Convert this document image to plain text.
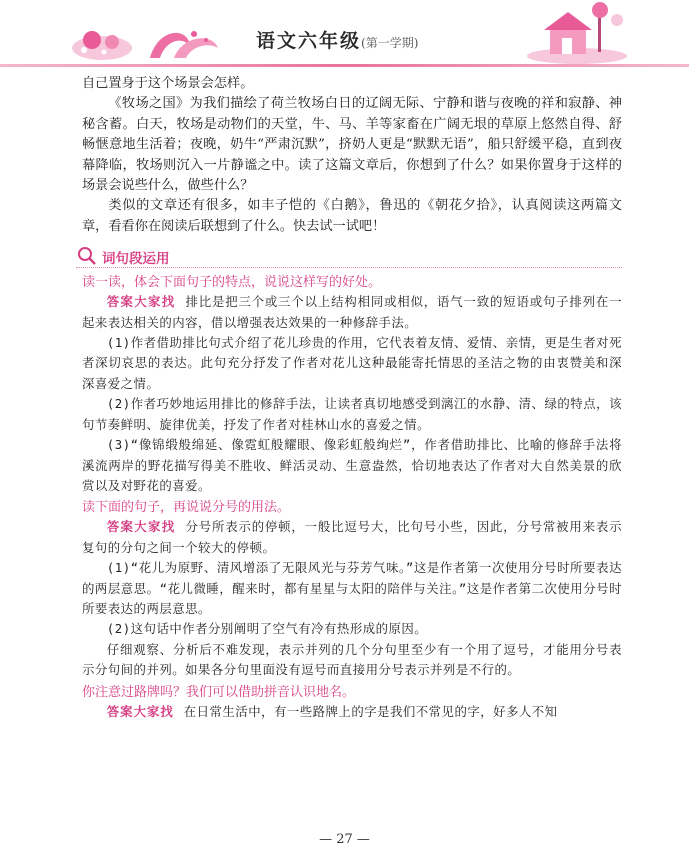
语文六年级(第一学期)

自己置身于这个场景会怎样。

《牧场之国》为我们描绘了荷兰牧场白日的辽阔无际、宁静和谐与夜晚的祥和寂静、神秘含蓄。白天，牧场是动物们的天堂，牛、马、羊等家畜在广阔无垠的草原上悠然自得、舒畅惬意地生活着；夜晚，奶牛“严肃沉默”，挤奶人更是“默默无语”，船只舒缓平稳，直到夜幕降临，牧场则沉入一片静谧之中。读了这篇文章后，你想到了什么？如果你置身于这样的场景会说些什么，做些什么？

类似的文章还有很多，如丰子恺的《白鹅》，鲁迅的《朝花夕拾》，认真阅读这两篇文章，看看你在阅读后联想到了什么。快去试一试吧！

词句段运用

读一读，体会下面句子的特点，说说这样写的好处。

答案大家找 排比是把三个或三个以上结构相同或相似，语气一致的短语或句子排列在一起来表达相关的内容，借以增强表达效果的一种修辞手法。

(1)作者借助排比句式介绍了花儿珍贵的作用，它代表着友情、爱情、亲情，更是生者对死者深切哀思的表达。此句充分抒发了作者对花儿这种最能寄托情思的圣洁之物的由衷赞美和深深喜爱之情。

(2)作者巧妙地运用排比的修辞手法，让读者真切地感受到漓江的水静、清、绿的特点，该句节奏鲜明、旋律优美，抒发了作者对桂林山水的喜爱之情。

(3)“像锦缎般绵延、像霓虹般耀眼、像彩虹般绚烂”，作者借助排比、比喻的修辞手法将溪流两岸的野花描写得美不胜收、鲜活灵动、生意盎然，恰切地表达了作者对大自然美景的欣赏以及对野花的喜爱。

读下面的句子，再说说分号的用法。

答案大家找 分号所表示的停顿，一般比逗号大，比句号小些，因此，分号常被用来表示复句的分句之间一个较大的停顿。

(1)“花儿为原野、清风增添了无限风光与芬芳气味。”这是作者第一次使用分号时所要表达的两层意思。“花儿微睡，醒来时，都有星星与太阳的陪伴与关注。”这是作者第二次使用分号时所要表达的两层意思。

(2)这句话中作者分别阐明了空气有冷有热形成的原因。

仔细观察、分析后不难发现，表示并列的几个分句里至少有一个用了逗号，才能用分号表示分句间的并列。如果各分句里面没有逗号而直接用分号表示并列是不行的。

你注意过路牌吗？我们可以借助拼音认识地名。

答案大家找 在日常生活中，有一些路牌上的字是我们不常见的字，好多人不知

— 27 —
